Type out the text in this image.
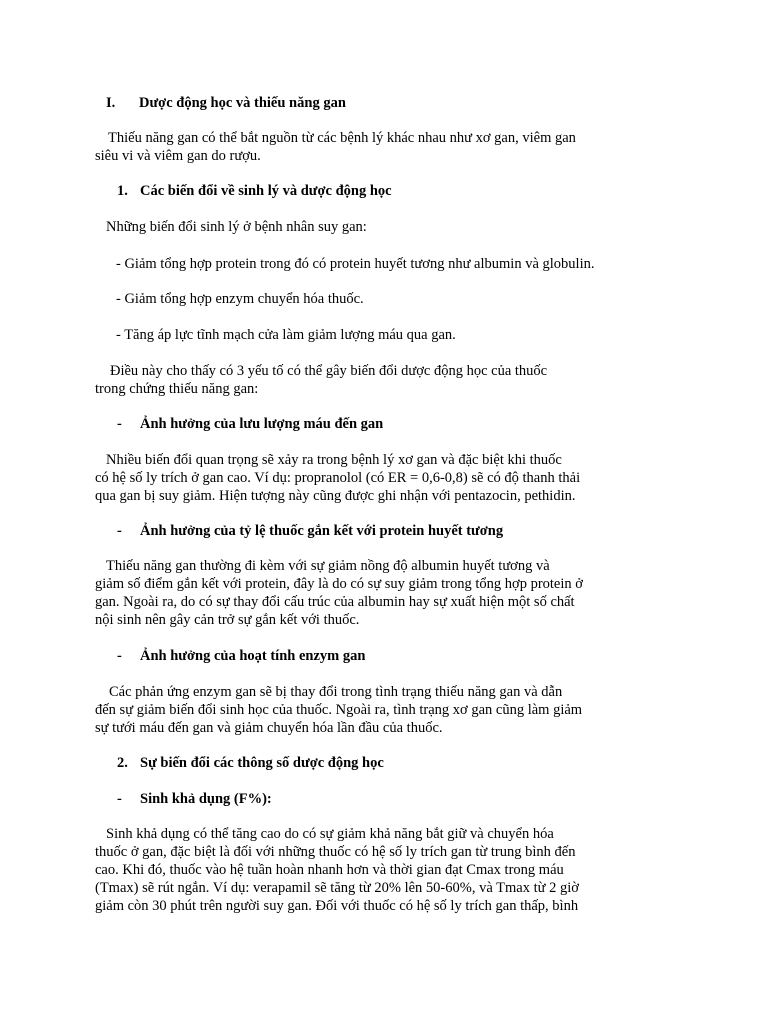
I. Dược động học và thiếu năng gan
Thiếu năng gan có thể bắt nguồn từ các bệnh lý khác nhau như xơ gan, viêm gan
siêu vi và viêm gan do rượu.
1. Các biến đổi về sinh lý và dược động học
Những biến đổi sinh lý ở bệnh nhân suy gan:
- Giảm tổng hợp protein trong đó có protein huyết tương như albumin và globulin.
- Giảm tổng hợp enzym chuyển hóa thuốc.
- Tăng áp lực tĩnh mạch cửa làm giảm lượng máu qua gan.
Điều này cho thấy có 3 yếu tố có thể gây biến đổi dược động học của thuốc
trong chứng thiếu năng gan:
- Ảnh hưởng của lưu lượng máu đến gan
Nhiều biến đổi quan trọng sẽ xảy ra trong bệnh lý xơ gan và đặc biệt khi thuốc
có hệ số ly trích ở gan cao. Ví dụ: propranolol (có ER = 0,6-0,8) sẽ có độ thanh thải
qua gan bị suy giảm. Hiện tượng này cũng được ghi nhận với pentazocin, pethidin.
- Ảnh hưởng của tỷ lệ thuốc gắn kết với protein huyết tương
Thiếu năng gan thường đi kèm với sự giảm nồng độ albumin huyết tương và
giảm số điểm gắn kết với protein, đây là do có sự suy giảm trong tổng hợp protein ở
gan. Ngoài ra, do có sự thay đổi cấu trúc của albumin hay sự xuất hiện một số chất
nội sinh nên gây cản trở sự gắn kết với thuốc.
- Ảnh hưởng của hoạt tính enzym gan
Các phản ứng enzym gan sẽ bị thay đổi trong tình trạng thiếu năng gan và dẫn
đến sự giảm biến đổi sinh học của thuốc. Ngoài ra, tình trạng xơ gan cũng làm giảm
sự tưới máu đến gan và giảm chuyển hóa lần đầu của thuốc.
2. Sự biến đổi các thông số dược động học
- Sinh khả dụng (F%):
Sinh khả dụng có thể tăng cao do có sự giảm khả năng bắt giữ và chuyển hóa
thuốc ở gan, đặc biệt là đối với những thuốc có hệ số ly trích gan từ trung bình đến
cao. Khi đó, thuốc vào hệ tuần hoàn nhanh hơn và thời gian đạt Cmax trong máu
(Tmax) sẽ rút ngắn. Ví dụ: verapamil sẽ tăng từ 20% lên 50-60%, và Tmax từ 2 giờ
giảm còn 30 phút trên người suy gan. Đối với thuốc có hệ số ly trích gan thấp, bình
